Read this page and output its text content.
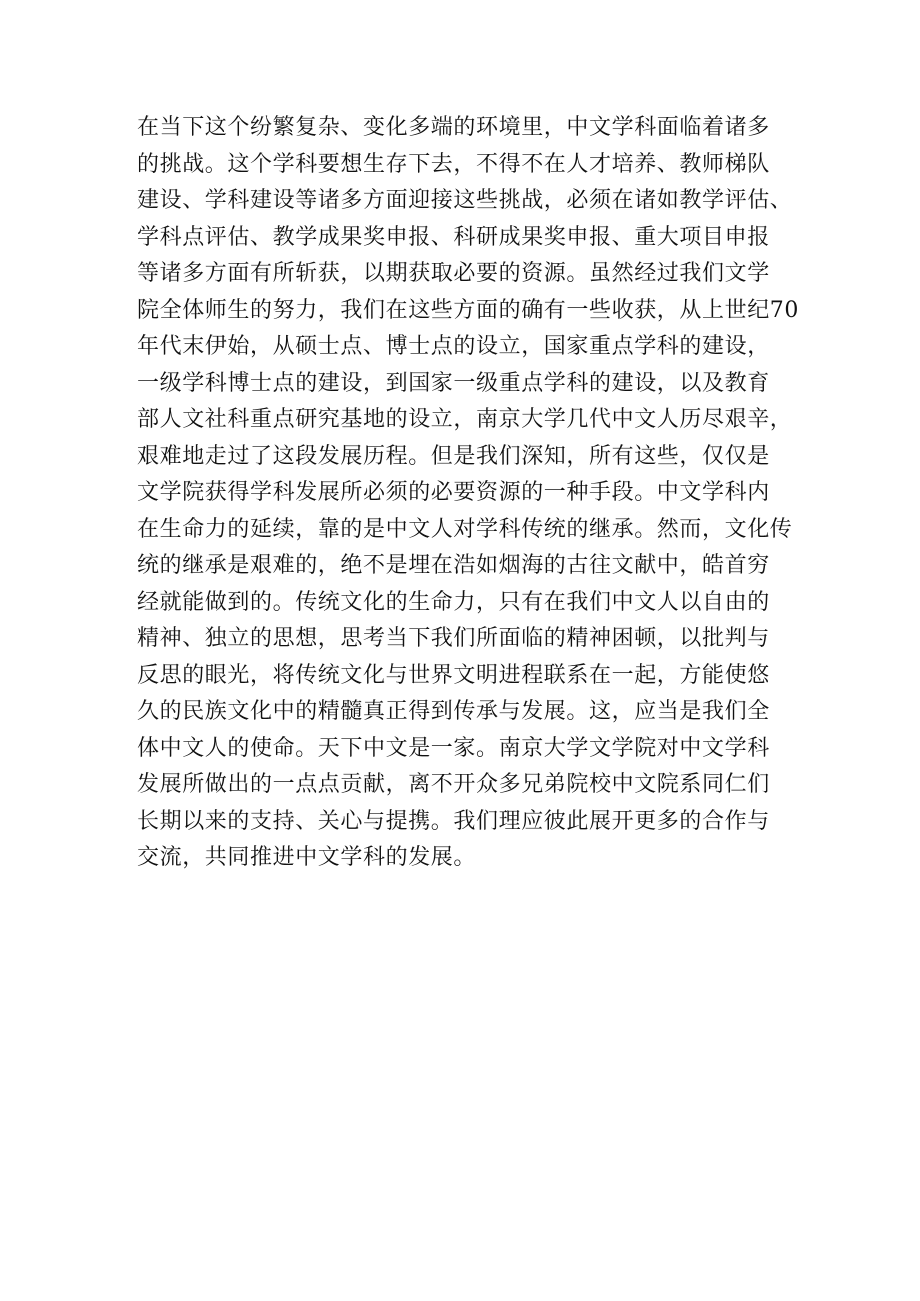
在当下这个纷繁复杂、变化多端的环境里，中文学科面临着诸多

的挑战。这个学科要想生存下去，不得不在人才培养、教师梯队

建设、学科建设等诸多方面迎接这些挑战，必须在诸如教学评估、

学科点评估、教学成果奖申报、科研成果奖申报、重大项目申报

等诸多方面有所斩获，以期获取必要的资源。虽然经过我们文学

院全体师生的努力，我们在这些方面的确有一些收获，从上世纪70

年代末伊始，从硕士点、博士点的设立，国家重点学科的建设，

一级学科博士点的建设，到国家一级重点学科的建设，以及教育

部人文社科重点研究基地的设立，南京大学几代中文人历尽艰辛，

艰难地走过了这段发展历程。但是我们深知，所有这些，仅仅是

文学院获得学科发展所必须的必要资源的一种手段。中文学科内

在生命力的延续，靠的是中文人对学科传统的继承。然而，文化传

统的继承是艰难的，绝不是埋在浩如烟海的古往文献中，皓首穷

经就能做到的。传统文化的生命力，只有在我们中文人以自由的

精神、独立的思想，思考当下我们所面临的精神困顿，以批判与

反思的眼光，将传统文化与世界文明进程联系在一起，方能使悠

久的民族文化中的精髓真正得到传承与发展。这，应当是我们全

体中文人的使命。天下中文是一家。南京大学文学院对中文学科

发展所做出的一点点贡献，离不开众多兄弟院校中文院系同仁们

长期以来的支持、关心与提携。我们理应彼此展开更多的合作与

交流，共同推进中文学科的发展。
